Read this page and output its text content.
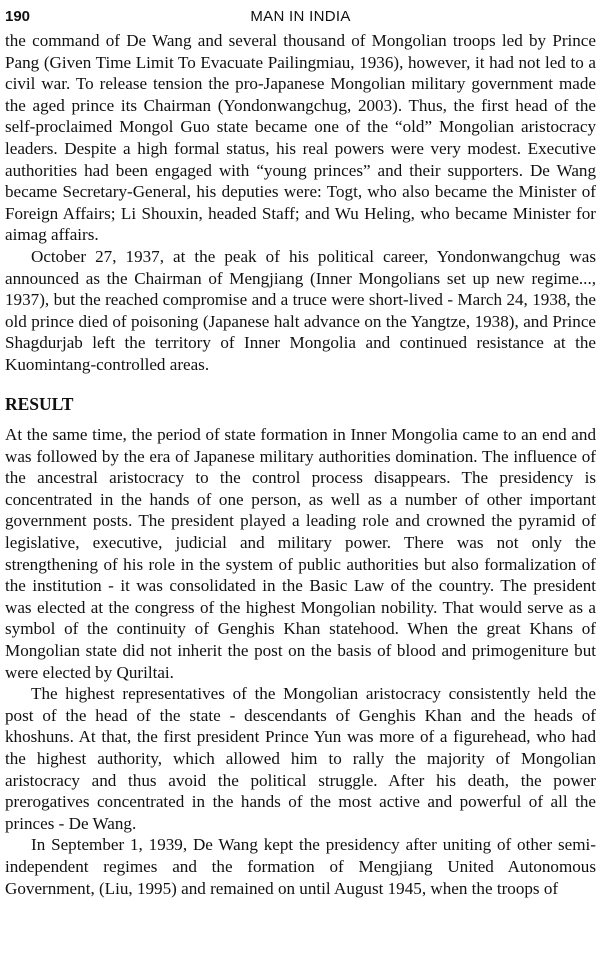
190	MAN IN INDIA

the command of De Wang and several thousand of Mongolian troops led by Prince Pang (Given Time Limit To Evacuate Pailingmiau, 1936), however, it had not led to a civil war. To release tension the pro-Japanese Mongolian military government made the aged prince its Chairman (Yondonwangchug, 2003). Thus, the first head of the self-proclaimed Mongol Guo state became one of the “old” Mongolian aristocracy leaders. Despite a high formal status, his real powers were very modest. Executive authorities had been engaged with “young princes” and their supporters. De Wang became Secretary-General, his deputies were: Togt, who also became the Minister of Foreign Affairs; Li Shouxin, headed Staff; and Wu Heling, who became Minister for aimag affairs.

October 27, 1937, at the peak of his political career, Yondonwangchug was announced as the Chairman of Mengjiang (Inner Mongolians set up new regime..., 1937), but the reached compromise and a truce were short-lived - March 24, 1938, the old prince died of poisoning (Japanese halt advance on the Yangtze, 1938), and Prince Shagdurjab left the territory of Inner Mongolia and continued resistance at the Kuomintang-controlled areas.

RESULT

At the same time, the period of state formation in Inner Mongolia came to an end and was followed by the era of Japanese military authorities domination. The influence of the ancestral aristocracy to the control process disappears. The presidency is concentrated in the hands of one person, as well as a number of other important government posts. The president played a leading role and crowned the pyramid of legislative, executive, judicial and military power. There was not only the strengthening of his role in the system of public authorities but also formalization of the institution - it was consolidated in the Basic Law of the country. The president was elected at the congress of the highest Mongolian nobility. That would serve as a symbol of the continuity of Genghis Khan statehood. When the great Khans of Mongolian state did not inherit the post on the basis of blood and primogeniture but were elected by Quriltai.

The highest representatives of the Mongolian aristocracy consistently held the post of the head of the state - descendants of Genghis Khan and the heads of khoshuns. At that, the first president Prince Yun was more of a figurehead, who had the highest authority, which allowed him to rally the majority of Mongolian aristocracy and thus avoid the political struggle. After his death, the power prerogatives concentrated in the hands of the most active and powerful of all the princes - De Wang.

In September 1, 1939, De Wang kept the presidency after uniting of other semi-independent regimes and the formation of Mengjiang United Autonomous Government, (Liu, 1995) and remained on until August 1945, when the troops of
